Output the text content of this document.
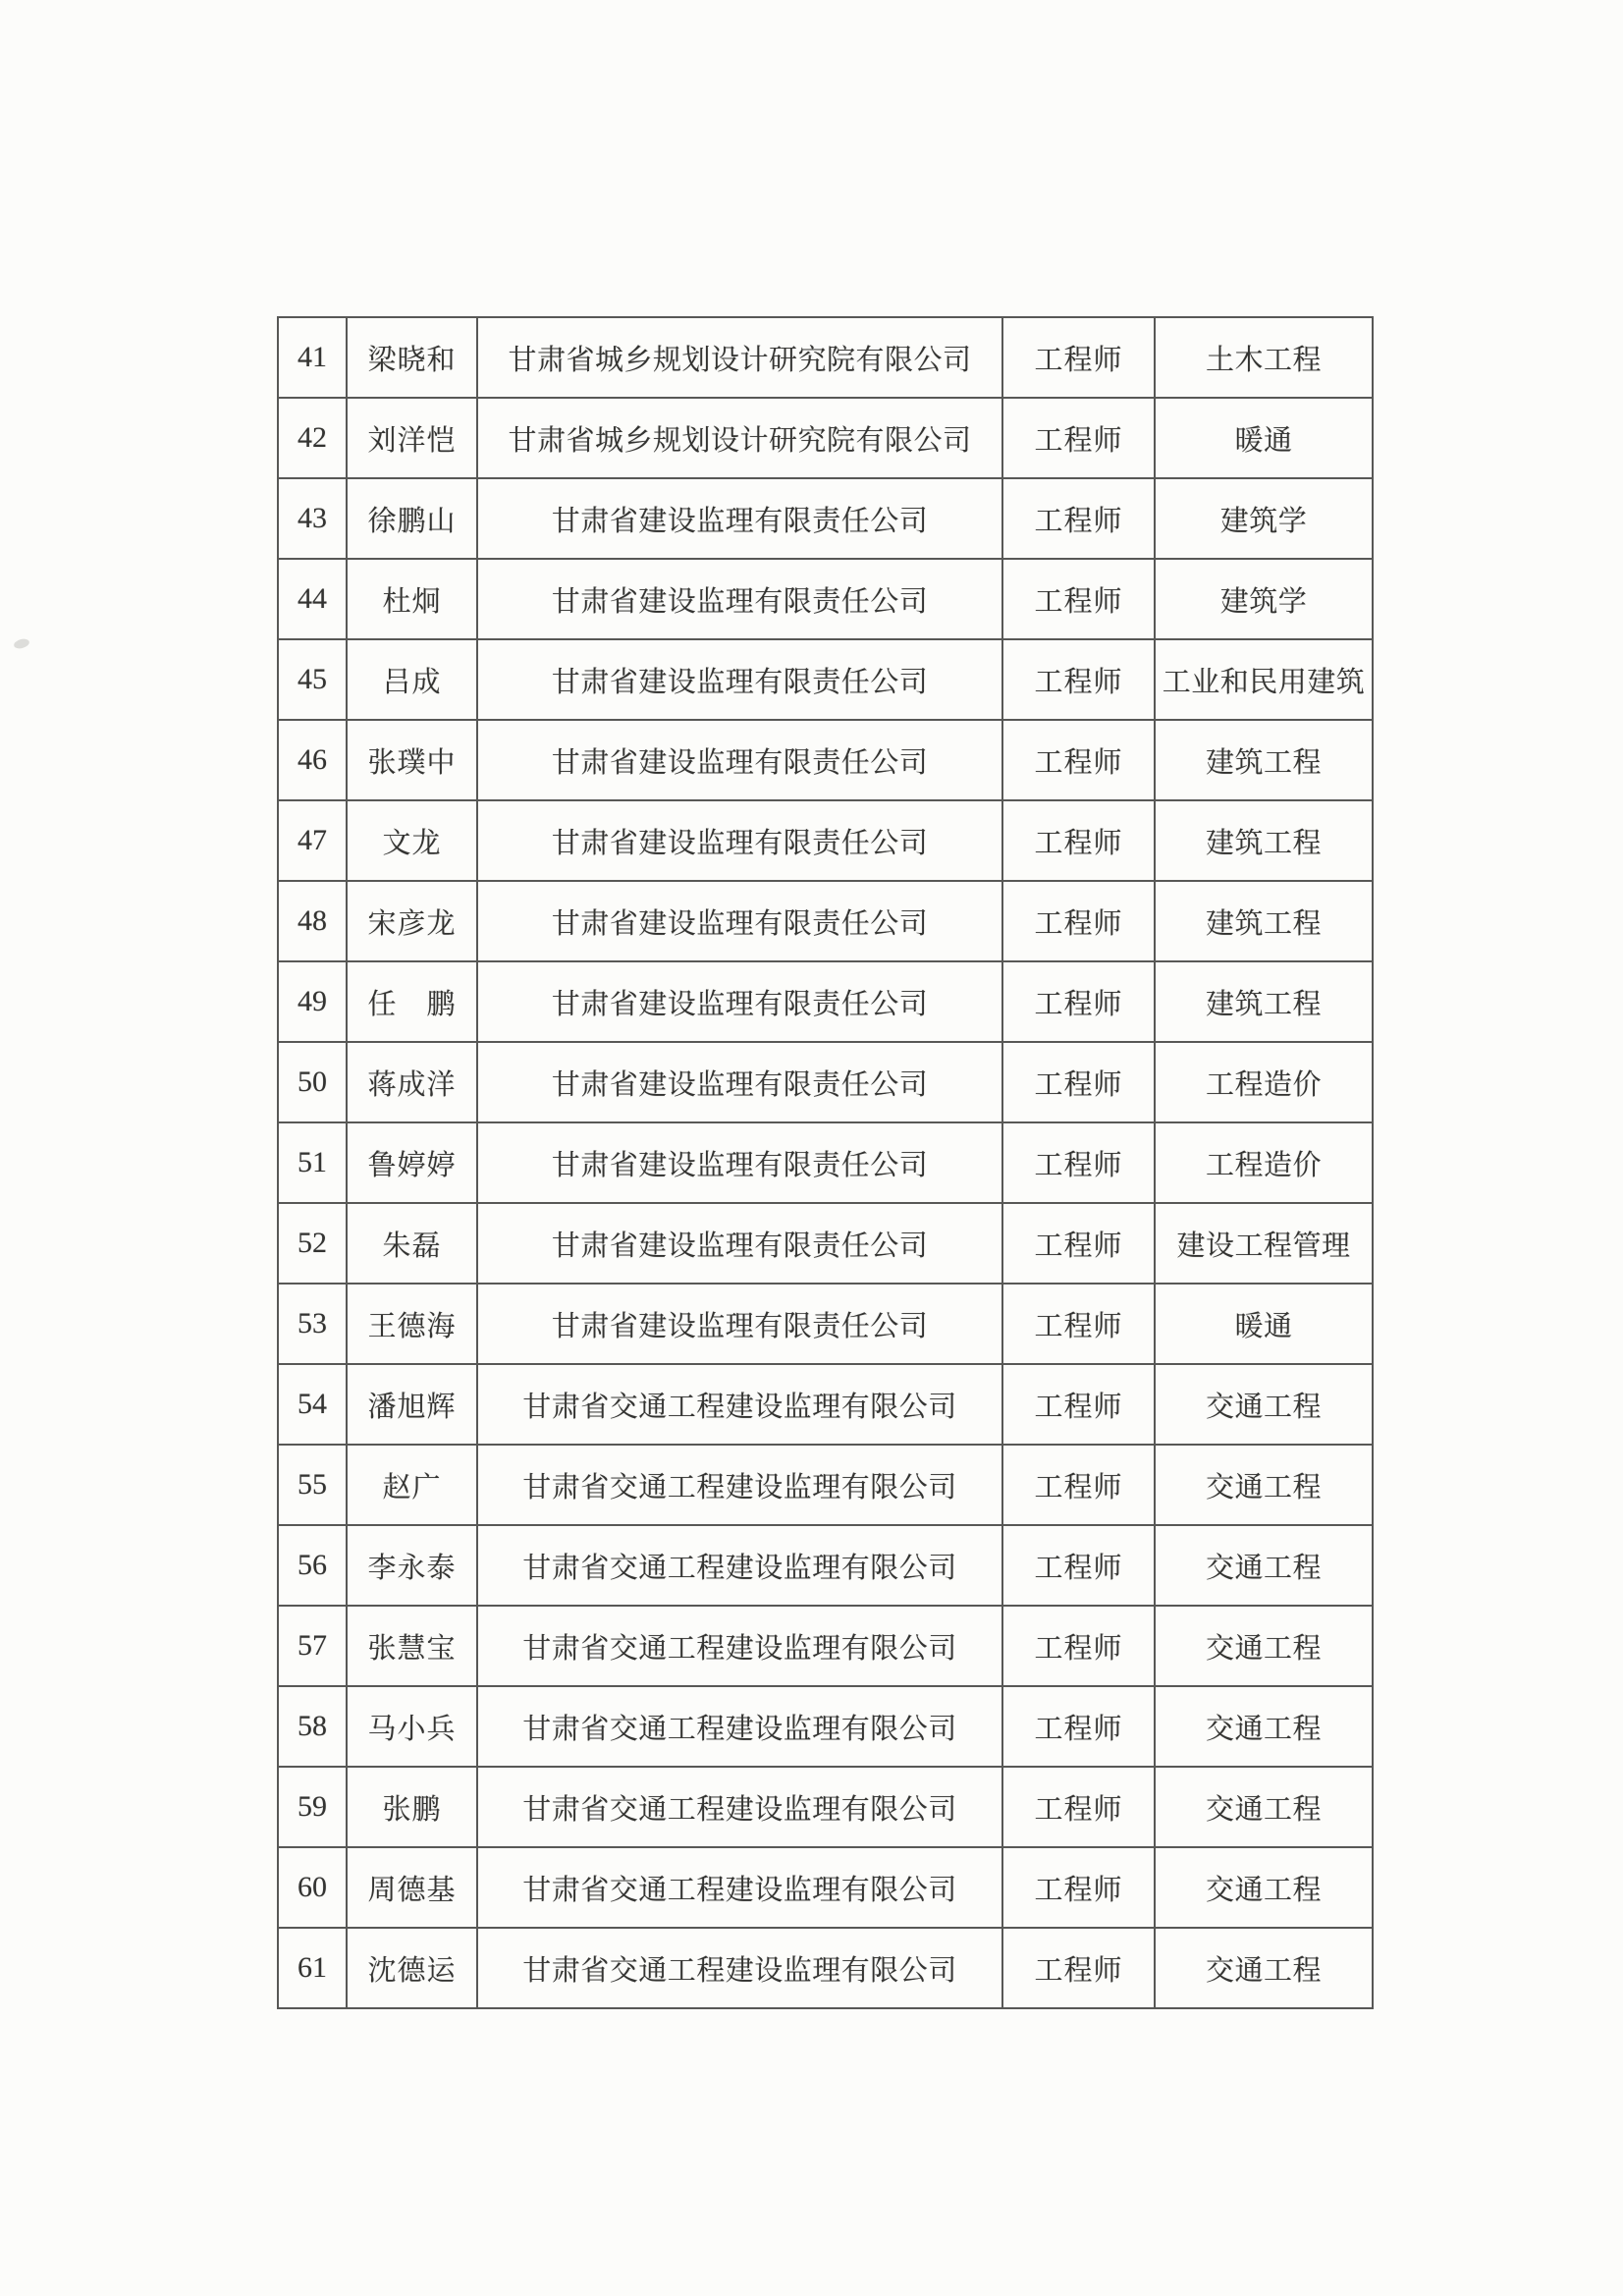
41	梁晓和	甘肃省城乡规划设计研究院有限公司	工程师	土木工程
42	刘洋恺	甘肃省城乡规划设计研究院有限公司	工程师	暖通
43	徐鹏山	甘肃省建设监理有限责任公司	工程师	建筑学
44	杜炯	甘肃省建设监理有限责任公司	工程师	建筑学
45	吕成	甘肃省建设监理有限责任公司	工程师	工业和民用建筑
46	张璞中	甘肃省建设监理有限责任公司	工程师	建筑工程
47	文龙	甘肃省建设监理有限责任公司	工程师	建筑工程
48	宋彦龙	甘肃省建设监理有限责任公司	工程师	建筑工程
49	任　鹏	甘肃省建设监理有限责任公司	工程师	建筑工程
50	蒋成洋	甘肃省建设监理有限责任公司	工程师	工程造价
51	鲁婷婷	甘肃省建设监理有限责任公司	工程师	工程造价
52	朱磊	甘肃省建设监理有限责任公司	工程师	建设工程管理
53	王德海	甘肃省建设监理有限责任公司	工程师	暖通
54	潘旭辉	甘肃省交通工程建设监理有限公司	工程师	交通工程
55	赵广	甘肃省交通工程建设监理有限公司	工程师	交通工程
56	李永泰	甘肃省交通工程建设监理有限公司	工程师	交通工程
57	张慧宝	甘肃省交通工程建设监理有限公司	工程师	交通工程
58	马小兵	甘肃省交通工程建设监理有限公司	工程师	交通工程
59	张鹏	甘肃省交通工程建设监理有限公司	工程师	交通工程
60	周德基	甘肃省交通工程建设监理有限公司	工程师	交通工程
61	沈德运	甘肃省交通工程建设监理有限公司	工程师	交通工程
